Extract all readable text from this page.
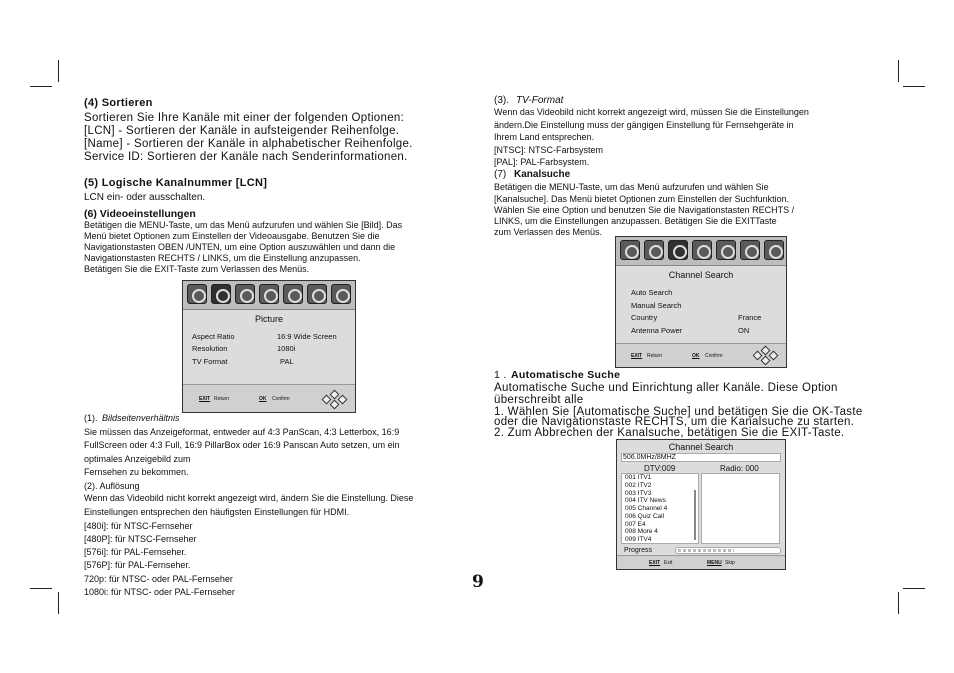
(4) Sortieren
Sortieren Sie Ihre Kanäle mit einer der folgenden Optionen:
[LCN] - Sortieren der Kanäle in aufsteigender Reihenfolge.
[Name] - Sortieren der Kanäle in alphabetischer Reihenfolge.
Service ID: Sortieren der Kanäle nach Senderinformationen.
(5) Logische Kanalnummer [LCN]
LCN ein- oder ausschalten.
(6) Videoeinstellungen
Betätigen die MENU-Taste, um das Menü aufzurufen und wählen Sie [Bild]. Das
Menü bietet Optionen zum Einstellen der Videoausgabe. Benutzen Sie die
Navigationstasten OBEN /UNTEN, um eine Option auszuwählen und dann die
Navigationstasten RECHTS / LINKS, um die Einstellung anzupassen.
Betätigen Sie die EXIT-Taste zum Verlassen des Menüs.
Picture
Aspect Ratio	16:9 Wide Screen
Resolution	1080i
TV Format	PAL
EXIT Return	OK Confirm
(1). Bildseitenverhältnis
Sie müssen das Anzeigeformat, entweder auf 4:3 PanScan, 4:3 Letterbox, 16:9
FullScreen oder 4:3 Full, 16:9 PillarBox oder 16:9 Panscan Auto setzen, um ein
optimales Anzeigebild zum
Fernsehen zu bekommen.
(2). Auflösung
Wenn das Videobild nicht korrekt angezeigt wird, ändern Sie die Einstellung. Diese
Einstellungen entsprechen den häufigsten Einstellungen für HDMI.
[480i]: für NTSC-Fernseher
[480P]: für NTSC-Fernseher
[576i]: für PAL-Fernseher.
[576P]: für PAL-Fernseher.
720p: für NTSC- oder PAL-Fernseher
1080i: für NTSC- oder PAL-Fernseher	9
(3). TV-Format
Wenn das Videobild nicht korrekt angezeigt wird, müssen Sie die Einstellungen
ändern.Die Einstellung muss der gängigen Einstellung für Fernsehgeräte in
Ihrem Land entsprechen.
[NTSC]: NTSC-Farbsystem
[PAL]: PAL-Farbsystem.
(7) Kanalsuche
Betätigen die MENU-Taste, um das Menü aufzurufen und wählen Sie
[Kanalsuche]. Das Menü bietet Optionen zum Einstellen der Suchfunktion.
Wählen Sie eine Option und benutzen Sie die Navigationstasten RECHTS /
LINKS, um die Einstellungen anzupassen. Betätigen Sie die EXITTaste
zum Verlassen des Menüs.
Channel Search
Auto Search
Manual Search
Country	France
Antenna Power	ON
EXIT Return	OK Confirm
1 . Automatische Suche
Automatische Suche und Einrichtung aller Kanäle. Diese Option
überschreibt alle
1. Wählen Sie [Automatische Suche] und betätigen Sie die OK-Taste
oder die Navigationstaste RECHTS, um die Kanalsuche zu starten.
2. Zum Abbrechen der Kanalsuche, betätigen Sie die EXIT-Taste.
Channel Search
506.0MHz/8MHZ
DTV:009	Radio: 000
001 ITV1
002 ITV2
003 ITV3
004 ITV News
005 Channel 4
006 Quiz Call
007 E4
008 More 4
009 ITV4
Progress
EXIT Exit	MENU Skip
